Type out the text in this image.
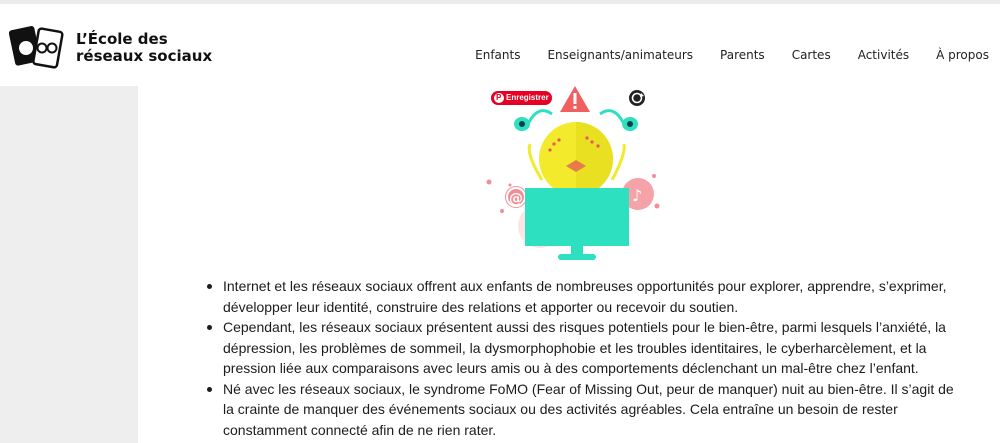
L’École des
réseaux sociaux	Enfants Enseignants/animateurs Parents Cartes Activités À propos
♪
@
P
Enregistrer
Internet et les réseaux sociaux offrent aux enfants de nombreuses opportunités pour explorer, apprendre, s’exprimer, développer leur identité, construire des relations et apporter ou recevoir du soutien.
Cependant, les réseaux sociaux présentent aussi des risques potentiels pour le bien-être, parmi lesquels l’anxiété, la dépression, les problèmes de sommeil, la dysmorphophobie et les troubles identitaires, le cyberharcèlement, et la pression liée aux comparaisons avec leurs amis ou à des comportements déclenchant un mal-être chez l’enfant.
Né avec les réseaux sociaux, le syndrome FoMO (Fear of Missing Out, peur de manquer) nuit au bien-être. Il s’agit de la crainte de manquer des événements sociaux ou des activités agréables. Cela entraîne un besoin de rester constamment connecté afin de ne rien rater.
